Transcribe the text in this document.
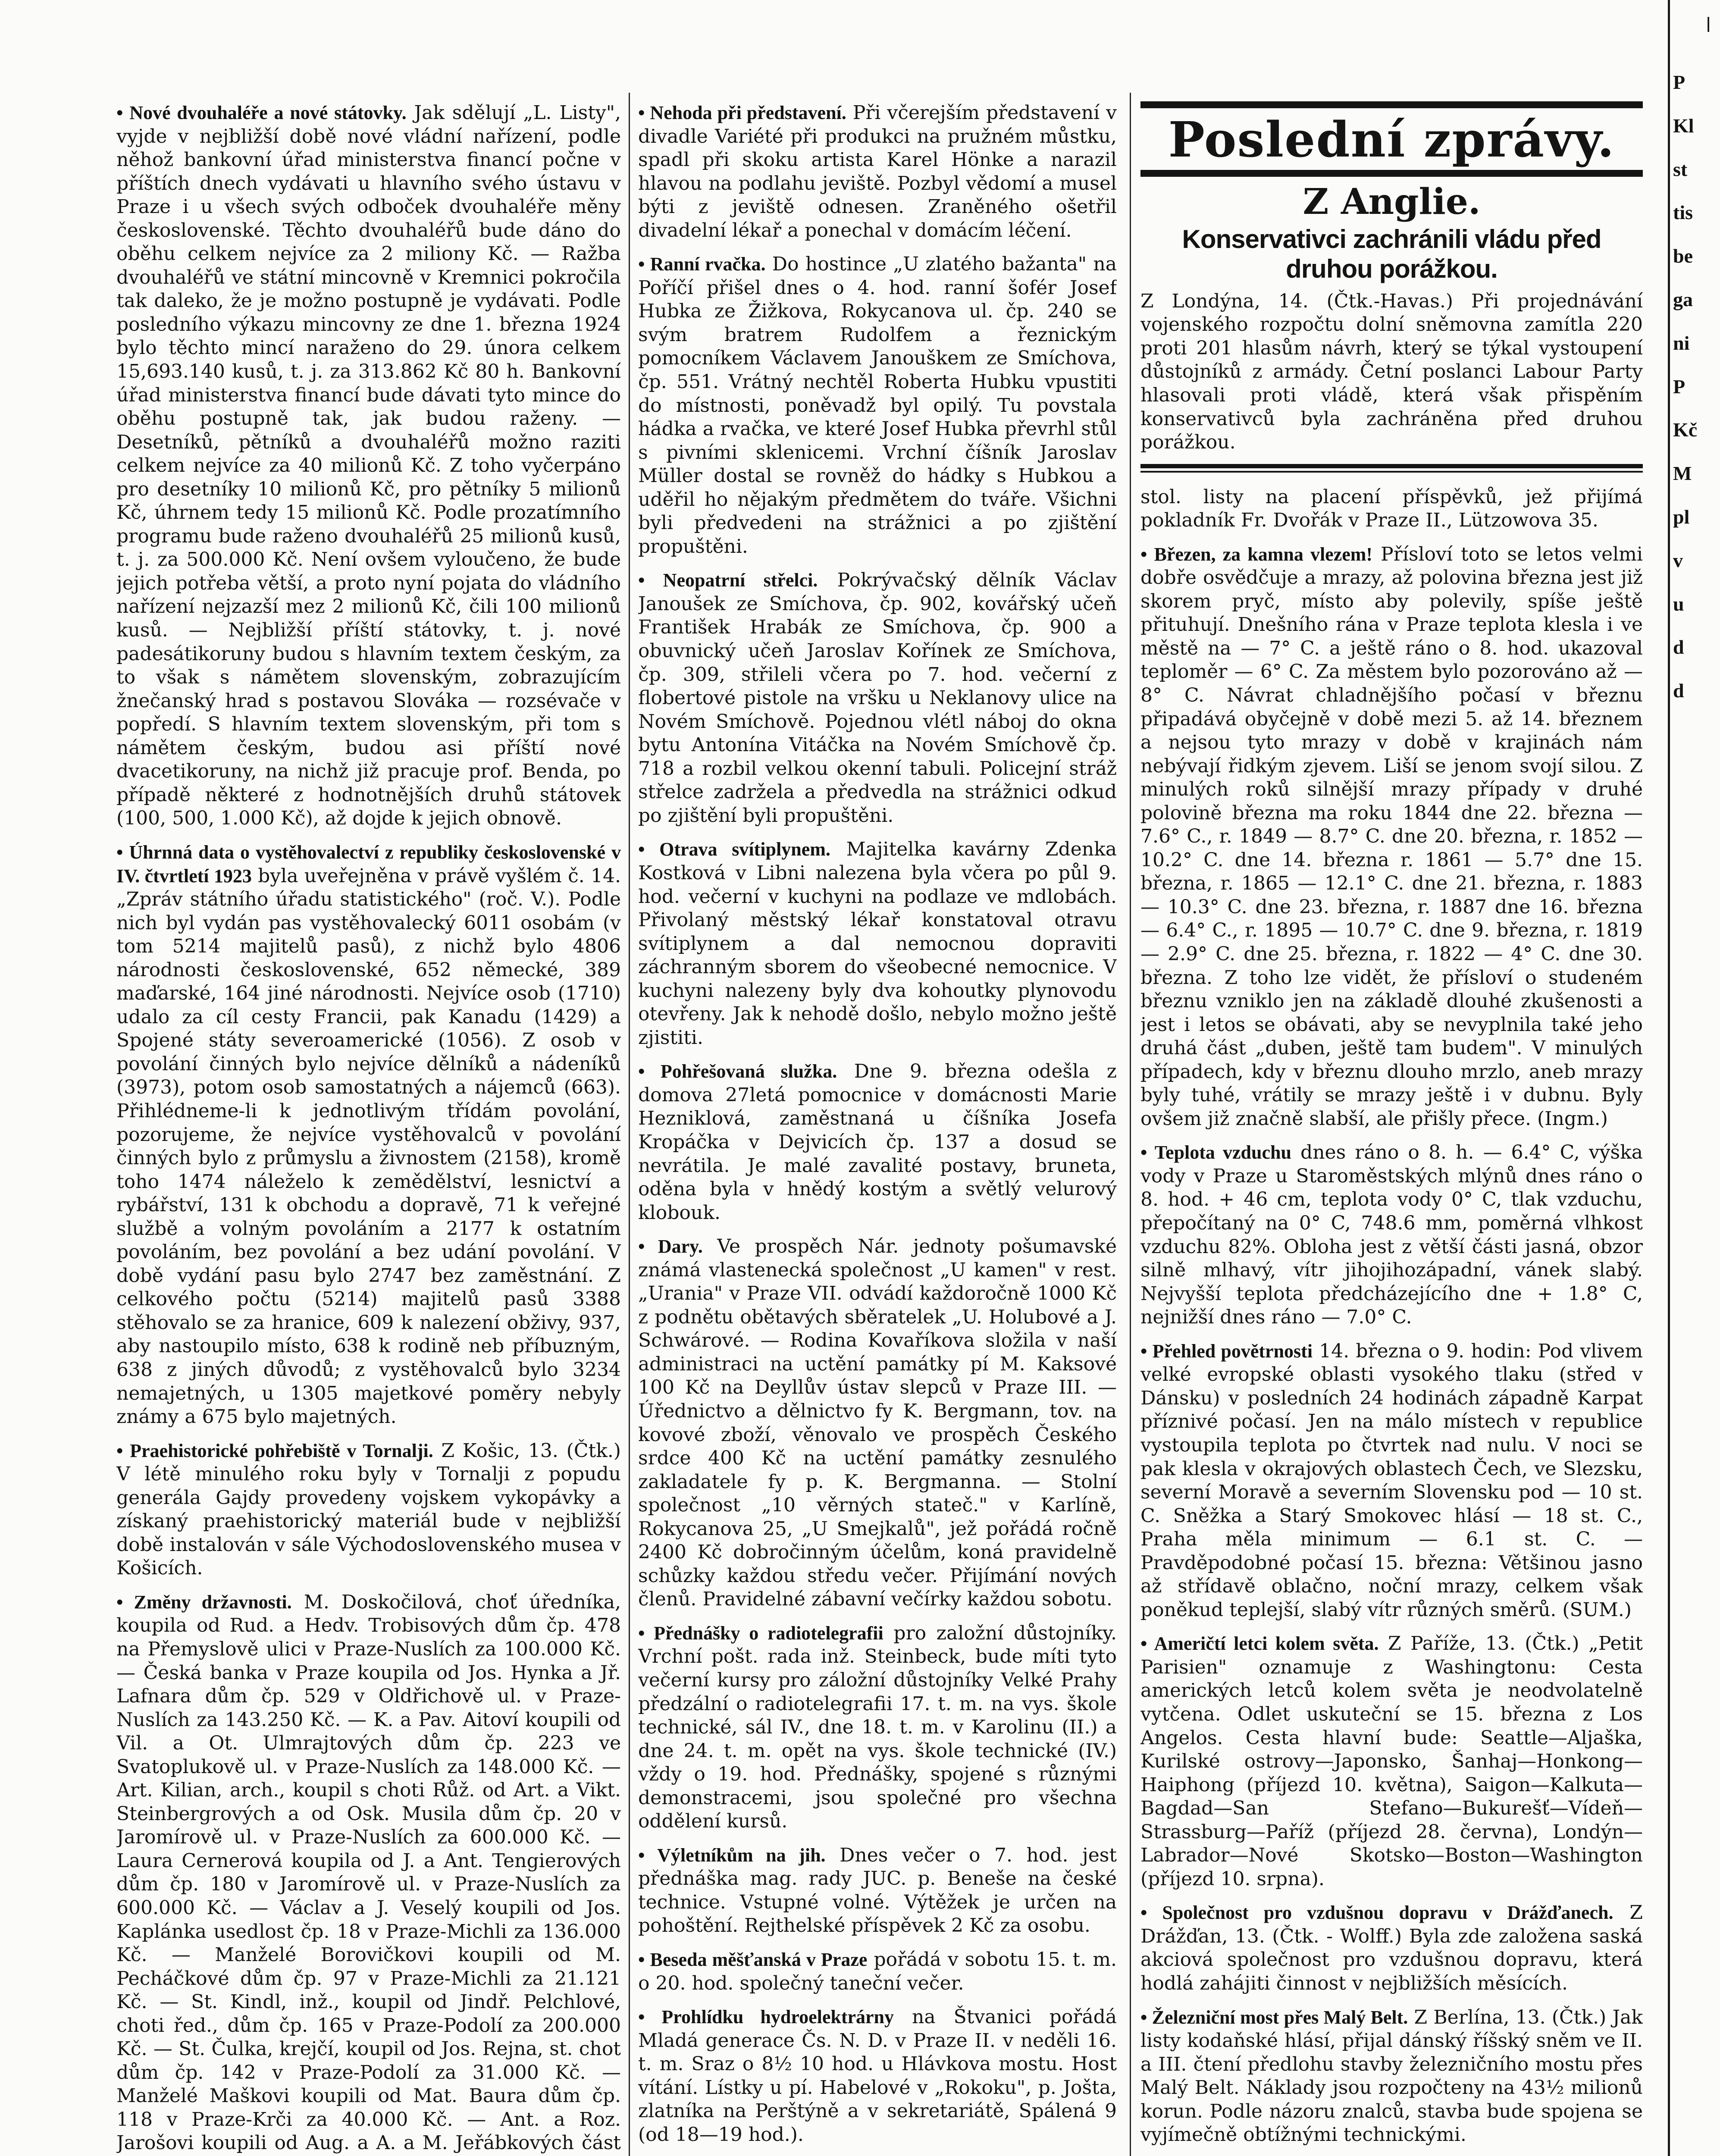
ǀ

• Nové dvouhaléře a nové státovky. Jak sdělují „L. Listy", vyjde v nejbližší době nové vládní nařízení, podle něhož bankovní úřad ministerstva financí počne v příštích dnech vydávati u hlavního svého ústavu v Praze i u všech svých odboček dvouhaléře měny československé. Těchto dvouhaléřů bude dáno do oběhu celkem nejvíce za 2 miliony Kč. — Ražba dvouhaléřů ve státní mincovně v Kremnici pokročila tak daleko, že je možno postupně je vydávati. Podle posledního výkazu mincovny ze dne 1. března 1924 bylo těchto mincí naraženo do 29. února celkem 15,693.140 kusů, t. j. za 313.862 Kč 80 h. Bankovní úřad ministerstva financí bude dávati tyto mince do oběhu postupně tak, jak budou raženy. — Desetníků, pětníků a dvouhaléřů možno raziti celkem nejvíce za 40 milionů Kč. Z toho vyčerpáno pro desetníky 10 milionů Kč, pro pětníky 5 milionů Kč, úhrnem tedy 15 milionů Kč. Podle prozatímního programu bude raženo dvouhaléřů 25 milionů kusů, t. j. za 500.000 Kč. Není ovšem vyloučeno, že bude jejich potřeba větší, a proto nyní pojata do vládního nařízení nejzazší mez 2 milionů Kč, čili 100 milionů kusů. — Nejbližší příští státovky, t. j. nové padesátikoruny budou s hlavním textem českým, za to však s námětem slovenským, zobrazujícím žnečanský hrad s postavou Slováka — rozsévače v popředí. S hlavním textem slovenským, při tom s námětem českým, budou asi příští nové dvacetikoruny, na nichž již pracuje prof. Benda, po případě některé z hodnotnějších druhů státovek (100, 500, 1.000 Kč), až dojde k jejich obnově.

• Úhrnná data o vystěhovalectví z republiky československé v IV. čtvrtletí 1923 byla uveřejněna v právě vyšlém č. 14. „Zpráv státního úřadu statistického" (roč. V.). Podle nich byl vydán pas vystěhovalecký 6011 osobám (v tom 5214 majitelů pasů), z nichž bylo 4806 národnosti československé, 652 německé, 389 maďarské, 164 jiné národnosti. Nejvíce osob (1710) udalo za cíl cesty Francii, pak Kanadu (1429) a Spojené státy severoamerické (1056). Z osob v povolání činných bylo nejvíce dělníků a nádeníků (3973), potom osob samostatných a nájemců (663). Přihlédneme-li k jednotlivým třídám povolání, pozorujeme, že nejvíce vystěhovalců v povolání činných bylo z průmyslu a živnostem (2158), kromě toho 1474 náleželo k zemědělství, lesnictví a rybářství, 131 k obchodu a dopravě, 71 k veřejné službě a volným povoláním a 2177 k ostatním povoláním, bez povolání a bez udání povolání. V době vydání pasu bylo 2747 bez zaměstnání. Z celkového počtu (5214) majitelů pasů 3388 stěhovalo se za hranice, 609 k nalezení obživy, 937, aby nastoupilo místo, 638 k rodině neb příbuzným, 638 z jiných důvodů; z vystěhovalců bylo 3234 nemajetných, u 1305 majetkové poměry nebyly známy a 675 bylo majetných.

• Praehistorické pohřebiště v Tornalji. Z Košic, 13. (Čtk.) V létě minulého roku byly v Tornalji z popudu generála Gajdy provedeny vojskem vykopávky a získaný praehistorický materiál bude v nejbližší době instalován v sále Východoslovenského musea v Košicích.

• Změny državnosti. M. Doskočilová, choť úředníka, koupila od Rud. a Hedv. Trobisových dům čp. 478 na Přemyslově ulici v Praze-Nuslích za 100.000 Kč. — Česká banka v Praze koupila od Jos. Hynka a Jř. Lafnara dům čp. 529 v Oldřichově ul. v Praze-Nuslích za 143.250 Kč. — K. a Pav. Aitoví koupili od Vil. a Ot. Ulmrajtových dům čp. 223 ve Svatoplukově ul. v Praze-Nuslích za 148.000 Kč. — Art. Kilian, arch., koupil s choti Růž. od Art. a Vikt. Steinbergrových a od Osk. Musila dům čp. 20 v Jaromírově ul. v Praze-Nuslích za 600.000 Kč. — Laura Cernerová koupila od J. a Ant. Tengierových dům čp. 180 v Jaromírově ul. v Praze-Nuslích za 600.000 Kč. — Václav a J. Veselý koupili od Jos. Kaplánka usedlost čp. 18 v Praze-Michli za 136.000 Kč. — Manželé Borovičkovi koupili od M. Pecháčkové dům čp. 97 v Praze-Michli za 21.121 Kč. — St. Kindl, inž., koupil od Jindř. Pelchlové, choti řed., dům čp. 165 v Praze-Podolí za 200.000 Kč. — St. Čulka, krejčí, koupil od Jos. Rejna, st. chot dům čp. 142 v Praze-Podolí za 31.000 Kč. — Manželé Maškovi koupili od Mat. Baura dům čp. 118 v Praze-Krči za 40.000 Kč. — Ant. a Roz. Jarošovi koupili od Aug. a A. a M. Jeřábkových část

• Nehoda při představení. Při včerejším představení v divadle Variété při produkci na pružném můstku, spadl při skoku artista Karel Hönke a narazil hlavou na podlahu jeviště. Pozbyl vědomí a musel býti z jeviště odnesen. Zraněného ošetřil divadelní lékař a ponechal v domácím léčení.

• Ranní rvačka. Do hostince „U zlatého bažanta" na Poříčí přišel dnes o 4. hod. ranní šofér Josef Hubka ze Žižkova, Rokycanova ul. čp. 240 se svým bratrem Rudolfem a řeznickým pomocníkem Václavem Janouškem ze Smíchova, čp. 551. Vrátný nechtěl Roberta Hubku vpustiti do místnosti, poněvadž byl opilý. Tu povstala hádka a rvačka, ve které Josef Hubka převrhl stůl s pivními sklenicemi. Vrchní číšník Jaroslav Müller dostal se rovněž do hádky s Hubkou a uděřil ho nějakým předmětem do tváře. Všichni byli předvedeni na strážnici a po zjištění propuštěni.

• Neopatrní střelci. Pokrývačský dělník Václav Janoušek ze Smíchova, čp. 902, kovářský učeň František Hrabák ze Smíchova, čp. 900 a obuvnický učeň Jaroslav Kořínek ze Smíchova, čp. 309, střileli včera po 7. hod. večerní z flobertové pistole na vršku u Neklanovy ulice na Novém Smíchově. Pojednou vlétl náboj do okna bytu Antonína Vitáčka na Novém Smíchově čp. 718 a rozbil velkou okenní tabuli. Policejní stráž střelce zadržela a předvedla na strážnici odkud po zjištění byli propuštěni.

• Otrava svítiplynem. Majitelka kavárny Zdenka Kostková v Libni nalezena byla včera po půl 9. hod. večerní v kuchyni na podlaze ve mdlobách. Přivolaný městský lékař konstatoval otravu svítiplynem a dal nemocnou dopraviti záchranným sborem do všeobecné nemocnice. V kuchyni nalezeny byly dva kohoutky plynovodu otevřeny. Jak k nehodě došlo, nebylo možno ještě zjistiti.

• Pohřešovaná služka. Dne 9. března odešla z domova 27letá pomocnice v domácnosti Marie Hezniklová, zaměstnaná u číšníka Josefa Kropáčka v Dejvicích čp. 137 a dosud se nevrátila. Je malé zavalité postavy, bruneta, oděna byla v hnědý kostým a světlý velurový klobouk.

• Dary. Ve prospěch Nár. jednoty pošumavské známá vlastenecká společnost „U kamen" v rest. „Urania" v Praze VII. odvádí každoročně 1000 Kč z podnětu obětavých sběratelek „U. Holubové a J. Schwárové. — Rodina Kovaříkova složila v naší administraci na uctění památky pí M. Kaksové 100 Kč na Deyllův ústav slepců v Praze III. — Úřednictvo a dělnictvo fy K. Bergmann, tov. na kovové zboží, věnovalo ve prospěch Českého srdce 400 Kč na uctění památky zesnulého zakladatele fy p. K. Bergmanna. — Stolní společnost „10 věrných stateč." v Karlíně, Rokycanova 25, „U Smejkalů", jež pořádá ročně 2400 Kč dobročinným účelům, koná pravidelně schůzky každou středu večer. Přijímání nových členů. Pravidelné zábavní večírky každou sobotu.

• Přednášky o radiotelegrafii pro založní důstojníky. Vrchní pošt. rada inž. Steinbeck, bude míti tyto večerní kursy pro záložní důstojníky Velké Prahy předzální o radiotelegrafii 17. t. m. na vys. škole technické, sál IV., dne 18. t. m. v Karolinu (II.) a dne 24. t. m. opět na vys. škole technické (IV.) vždy o 19. hod. Přednášky, spojené s různými demonstracemi, jsou společné pro všechna oddělení kursů.

• Výletníkům na jih. Dnes večer o 7. hod. jest přednáška mag. rady JUC. p. Beneše na české technice. Vstupné volné. Výtěžek je určen na pohoštění. Rejthelské příspěvek 2 Kč za osobu.

• Beseda měšťanská v Praze pořádá v sobotu 15. t. m. o 20. hod. společný taneční večer.

• Prohlídku hydroelektrárny na Štvanici pořádá Mladá generace Čs. N. D. v Praze II. v neděli 16. t. m. Sraz o 8½ 10 hod. u Hlávkova mostu. Host vítání. Lístky u pí. Habelové v „Rokoku", p. Jošta, zlatníka na Perštýně a v sekretariátě, Spálená 9 (od 18—19 hod.).

Poslední zprávy.
Z Anglie.
Konservativci zachránili vládu před druhou porážkou.

Z Londýna, 14. (Čtk.-Havas.) Při projednávání vojenského rozpočtu dolní sněmovna zamítla 220 proti 201 hlasům návrh, který se týkal vystoupení důstojníků z armády. Četní poslanci Labour Party hlasovali proti vládě, která však přispěním konservativců byla zachráněna před druhou porážkou.

stol. listy na placení příspěvků, jež přijímá pokladník Fr. Dvořák v Praze II., Lützowova 35.

• Březen, za kamna vlezem! Přísloví toto se letos velmi dobře osvědčuje a mrazy, až polovina března jest již skorem pryč, místo aby polevily, spíše ještě přituhují. Dnešního rána v Praze teplota klesla i ve městě na — 7° C. a ještě ráno o 8. hod. ukazoval teploměr — 6° C. Za městem bylo pozorováno až — 8° C. Návrat chladnějšího počasí v březnu připadává obyčejně v době mezi 5. až 14. březnem a nejsou tyto mrazy v době v krajinách nám nebývají řidkým zjevem. Liší se jenom svojí silou. Z minulých roků silnější mrazy případy v druhé polovině března ma roku 1844 dne 22. března — 7.6° C., r. 1849 — 8.7° C. dne 20. března, r. 1852 — 10.2° C. dne 14. března r. 1861 — 5.7° dne 15. března, r. 1865 — 12.1° C. dne 21. března, r. 1883 — 10.3° C. dne 23. března, r. 1887 dne 16. března — 6.4° C., r. 1895 — 10.7° C. dne 9. března, r. 1819 — 2.9° C. dne 25. března, r. 1822 — 4° C. dne 30. března. Z toho lze vidět, že přísloví o studeném březnu vzniklo jen na základě dlouhé zkušenosti a jest i letos se obávati, aby se nevyplnila také jeho druhá část „duben, ještě tam budem". V minulých případech, kdy v březnu dlouho mrzlo, aneb mrazy byly tuhé, vrátily se mrazy ještě i v dubnu. Byly ovšem již značně slabší, ale přišly přece. (Ingm.)

• Teplota vzduchu dnes ráno o 8. h. — 6.4° C, výška vody v Praze u Staroměstských mlýnů dnes ráno o 8. hod. + 46 cm, teplota vody 0° C, tlak vzduchu, přepočítaný na 0° C, 748.6 mm, poměrná vlhkost vzduchu 82%. Obloha jest z větší části jasná, obzor silně mlhavý, vítr jihojihozápadní, vánek slabý. Nejvyšší teplota předcházejícího dne + 1.8° C, nejnižší dnes ráno — 7.0° C.

• Přehled povětrnosti 14. března o 9. hodin: Pod vlivem velké evropské oblasti vysokého tlaku (střed v Dánsku) v posledních 24 hodinách západně Karpat příznivé počasí. Jen na málo místech v republice vystoupila teplota po čtvrtek nad nulu. V noci se pak klesla v okrajových oblastech Čech, ve Slezsku, severní Moravě a severním Slovensku pod — 10 st. C. Sněžka a Starý Smokovec hlásí — 18 st. C., Praha měla minimum — 6.1 st. C. — Pravděpodobné počasí 15. března: Většinou jasno až střídavě oblačno, noční mrazy, celkem však poněkud teplejší, slabý vítr různých směrů. (SUM.)

• Američtí letci kolem světa. Z Paříže, 13. (Čtk.) „Petit Parisien" oznamuje z Washingtonu: Cesta amerických letců kolem světa je neodvolatelně vytčena. Odlet uskuteční se 15. března z Los Angelos. Cesta hlavní bude: Seattle—Aljaška, Kurilské ostrovy—Japonsko, Šanhaj—Honkong—Haiphong (příjezd 10. května), Saigon—Kalkuta—Bagdad—San Stefano—Bukurešť—Vídeň—Strassburg—Paříž (příjezd 28. června), Londýn—Labrador—Nové Skotsko—Boston—Washington (příjezd 10. srpna).

• Společnost pro vzdušnou dopravu v Drážďanech. Z Drážďan, 13. (Čtk. - Wolff.) Byla zde založena saská akciová společnost pro vzdušnou dopravu, která hodlá zahájiti činnost v nejbližších měsících.

• Železniční most přes Malý Belt. Z Berlína, 13. (Čtk.) Jak listy kodaňské hlásí, přijal dánský říšský sněm ve II. a III. čtení předlohu stavby železničního mostu přes Malý Belt. Náklady jsou rozpočteny na 43½ milionů korun. Podle názoru znalců, stavba bude spojena se vyjímečně obtížnými technickými.

P
Kl
st
tis
be
ga
ni
P
Kč
M
pl
v
u
d
d
